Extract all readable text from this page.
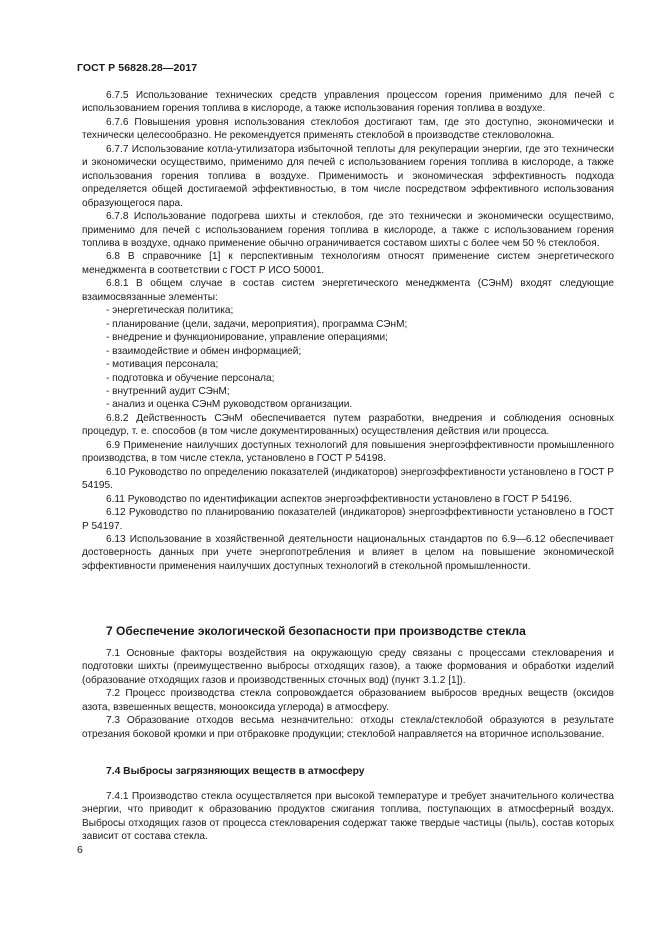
ГОСТ Р 56828.28—2017

6.7.5 Использование технических средств управления процессом горения применимо для печей с использованием горения топлива в кислороде, а также использования горения топлива в воздухе.

6.7.6 Повышения уровня использования стеклобоя достигают там, где это доступно, экономически и технически целесообразно. Не рекомендуется применять стеклобой в производстве стекловолокна.

6.7.7 Использование котла-утилизатора избыточной теплоты для рекуперации энергии, где это технически и экономически осуществимо, применимо для печей с использованием горения топлива в кислороде, а также использования горения топлива в воздухе. Применимость и экономическая эффективность подхода определяется общей достигаемой эффективностью, в том числе посредством эффективного использования образующегося пара.

6.7.8 Использование подогрева шихты и стеклобоя, где это технически и экономически осуществимо, применимо для печей с использованием горения топлива в кислороде, а также с использованием горения топлива в воздухе, однако применение обычно ограничивается составом шихты с более чем 50 % стеклобоя.

6.8 В справочнике [1] к перспективным технологиям относят применение систем энергетического менеджмента в соответствии с ГОСТ Р ИСО 50001.

6.8.1 В общем случае в состав систем энергетического менеджмента (СЭнМ) входят следующие взаимосвязанные элементы:

- энергетическая политика;
- планирование (цели, задачи, мероприятия), программа СЭнМ;
- внедрение и функционирование, управление операциями;
- взаимодействие и обмен информацией;
- мотивация персонала;
- подготовка и обучение персонала;
- внутренний аудит СЭнМ;
- анализ и оценка СЭнМ руководством организации.

6.8.2 Действенность СЭнМ обеспечивается путем разработки, внедрения и соблюдения основных процедур, т. е. способов (в том числе документированных) осуществления действия или процесса.

6.9 Применение наилучших доступных технологий для повышения энергоэффективности промышленного производства, в том числе стекла, установлено в ГОСТ Р 54198.

6.10 Руководство по определению показателей (индикаторов) энергоэффективности установлено в ГОСТ Р 54195.

6.11 Руководство по идентификации аспектов энергоэффективности установлено в ГОСТ Р 54196.

6.12 Руководство по планированию показателей (индикаторов) энергоэффективности установлено в ГОСТ Р 54197.

6.13 Использование в хозяйственной деятельности национальных стандартов по 6.9—6.12 обеспечивает достоверность данных при учете энергопотребления и влияет в целом на повышение экономической эффективности применения наилучших доступных технологий в стекольной промышленности.

7 Обеспечение экологической безопасности при производстве стекла

7.1 Основные факторы воздействия на окружающую среду связаны с процессами стекловарения и подготовки шихты (преимущественно выбросы отходящих газов), а также формования и обработки изделий (образование отходящих газов и производственных сточных вод) (пункт 3.1.2 [1]).

7.2 Процесс производства стекла сопровождается образованием выбросов вредных веществ (оксидов азота, взвешенных веществ, монооксида углерода) в атмосферу.

7.3 Образование отходов весьма незначительно: отходы стекла/стеклобой образуются в результате отрезания боковой кромки и при отбраковке продукции; стеклобой направляется на вторичное использование.

7.4 Выбросы загрязняющих веществ в атмосферу

7.4.1 Производство стекла осуществляется при высокой температуре и требует значительного количества энергии, что приводит к образованию продуктов сжигания топлива, поступающих в атмосферный воздух. Выбросы отходящих газов от процесса стекловарения содержат также твердые частицы (пыль), состав которых зависит от состава стекла.

6
